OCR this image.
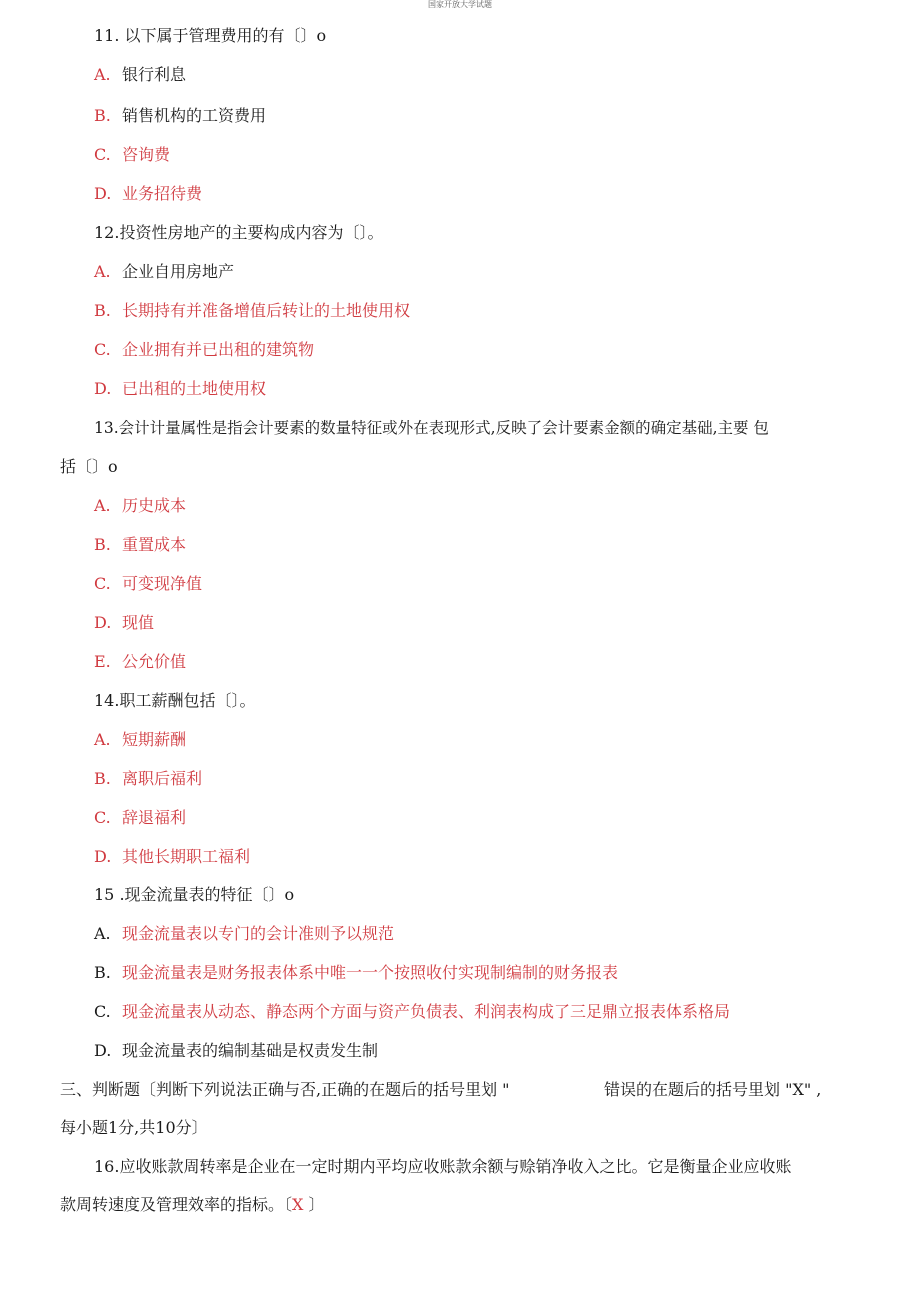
国家开放大学试题
11. 以下属于管理费用的有〔〕o
A. 银行利息
B. 销售机构的工资费用
C. 咨询费
D. 业务招待费
12.投资性房地产的主要构成内容为〔〕。
A. 企业自用房地产
B. 长期持有并准备增值后转让的土地使用权
C. 企业拥有并已出租的建筑物
D. 已出租的土地使用权
13.会计计量属性是指会计要素的数量特征或外在表现形式,反映了会计要素金额的确定基础,主要 包
括〔〕o
A. 历史成本
B. 重置成本
C. 可变现净值
D. 现值
E. 公允价值
14.职工薪酬包括〔〕。
A. 短期薪酬
B. 离职后福利
C. 辞退福利
D. 其他长期职工福利
15 .现金流量表的特征〔〕o
A. 现金流量表以专门的会计准则予以规范
B. 现金流量表是财务报表体系中唯一一个按照收付实现制编制的财务报表
C. 现金流量表从动态、静态两个方面与资产负债表、利润表构成了三足鼎立报表体系格局
D. 现金流量表的编制基础是权责发生制
三、判断题〔判断下列说法正确与否,正确的在题后的括号里划 "	错误的在题后的括号里划 "X" ,
每小题1分,共10分〕
16.应收账款周转率是企业在一定时期内平均应收账款余额与赊销净收入之比。它是衡量企业应收账
款周转速度及管理效率的指标。〔X 〕
